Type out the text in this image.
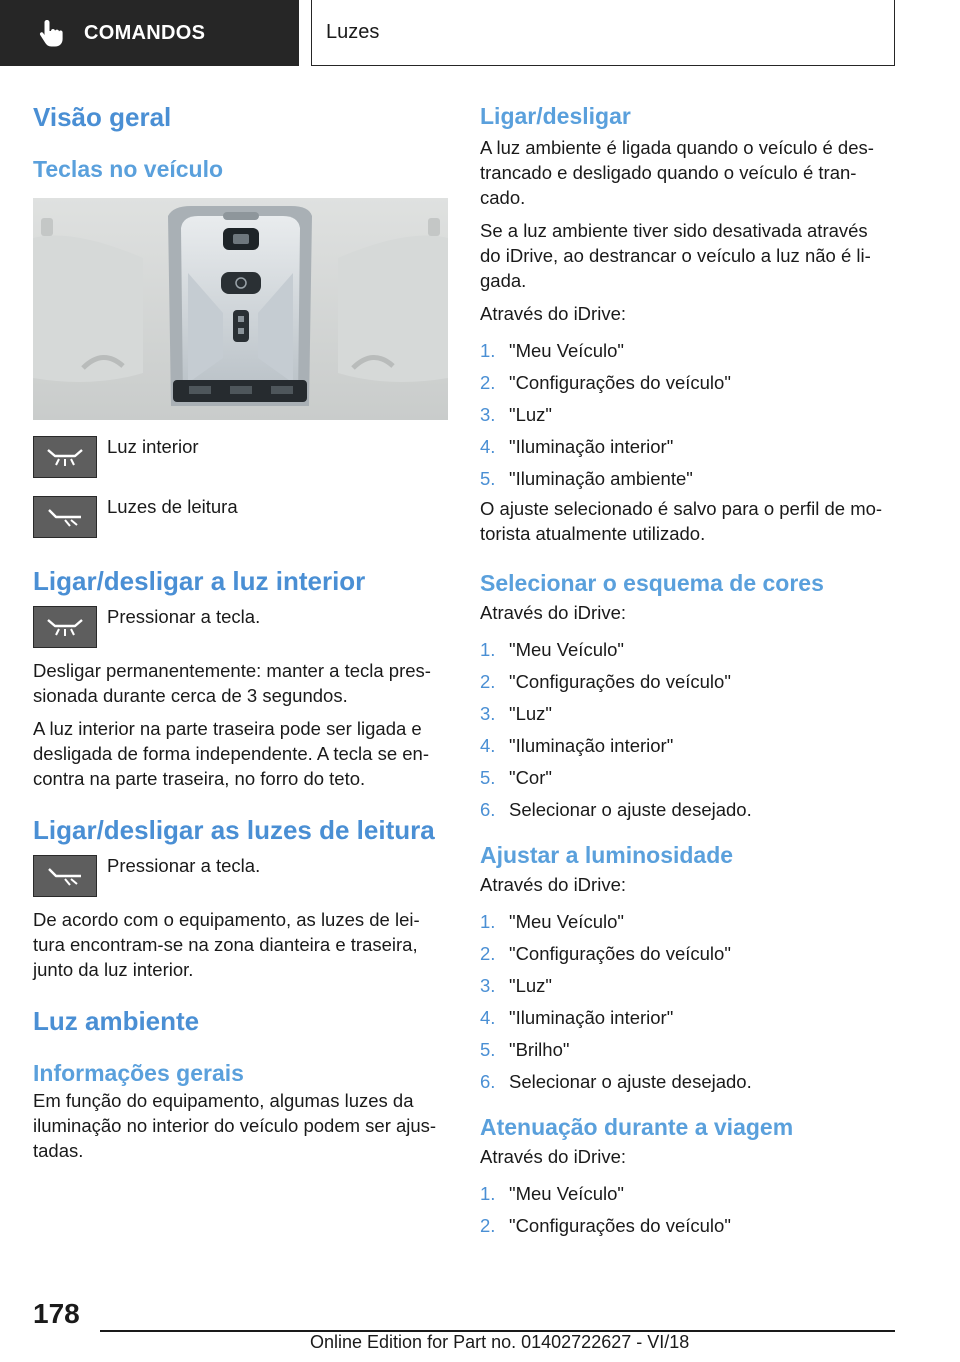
COMANDOS	Luzes
Visão geral
Teclas no veículo
Luz interior
Luzes de leitura
Ligar/desligar a luz interior
Pressionar a tecla.
Desligar permanentemente: manter a tecla pres-
sionada durante cerca de 3 segundos.
A luz interior na parte traseira pode ser ligada e
desligada de forma independente. A tecla se en-
contra na parte traseira, no forro do teto.
Ligar/desligar as luzes de leitura
Pressionar a tecla.
De acordo com o equipamento, as luzes de lei-
tura encontram-se na zona dianteira e traseira,
junto da luz interior.
Luz ambiente
Informações gerais
Em função do equipamento, algumas luzes da
iluminação no interior do veículo podem ser ajus-
tadas.
Ligar/desligar
A luz ambiente é ligada quando o veículo é des-
trancado e desligado quando o veículo é tran-
cado.
Se a luz ambiente tiver sido desativada através
do iDrive, ao destrancar o veículo a luz não é li-
gada.
Através do iDrive:
1. "Meu Veículo"
2. "Configurações do veículo"
3. "Luz"
4. "Iluminação interior"
5. "Iluminação ambiente"
O ajuste selecionado é salvo para o perfil de mo-
torista atualmente utilizado.
Selecionar o esquema de cores
Através do iDrive:
1. "Meu Veículo"
2. "Configurações do veículo"
3. "Luz"
4. "Iluminação interior"
5. "Cor"
6. Selecionar o ajuste desejado.
Ajustar a luminosidade
Através do iDrive:
1. "Meu Veículo"
2. "Configurações do veículo"
3. "Luz"
4. "Iluminação interior"
5. "Brilho"
6. Selecionar o ajuste desejado.
Atenuação durante a viagem
Através do iDrive:
1. "Meu Veículo"
2. "Configurações do veículo"
178
Online Edition for Part no. 01402722627 - VI/18
